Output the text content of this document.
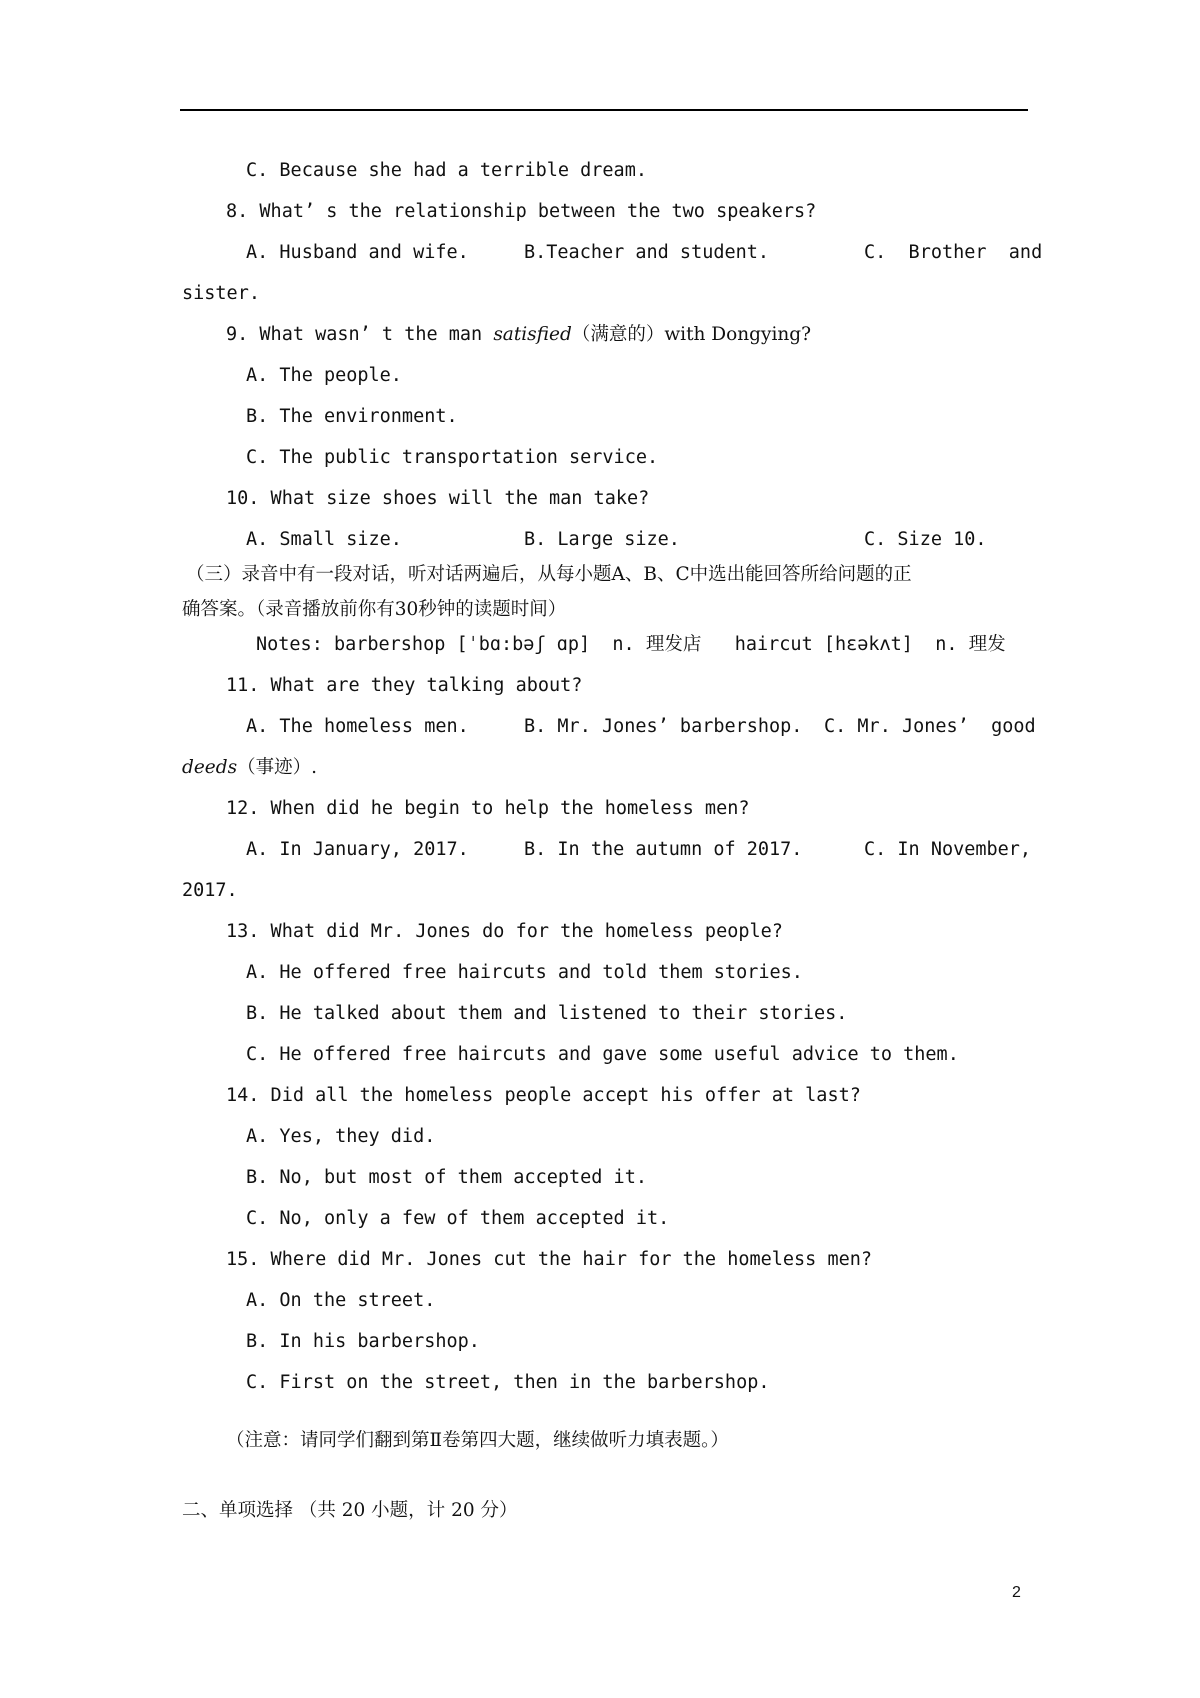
C. Because she had a terrible dream.
8. What’ s the relationship between the two speakers?
A. Husband and wife.	B.Teacher and student.	C.  Brother  and
sister.
9. What wasn’ t the man satisfied（满意的）with Dongying?
A. The people.
B. The environment.
C. The public transportation service.
10. What size shoes will the man take?
A. Small size.	B. Large size.	C. Size 10.
（三）录音中有一段对话，听对话两遍后，从每小题A、B、C中选出能回答所给问题的正
确答案。（录音播放前你有30秒钟的读题时间）
Notes: barbershop [ˈbɑ:bəʃ ɑp]  n. 理发店   haircut [hɛəkʌt]  n. 理发
11. What are they talking about?
A. The homeless men.	B. Mr. Jones’ barbershop. C. Mr. Jones’  good
deeds（事迹）.
12. When did he begin to help the homeless men?
A. In January, 2017.	B. In the autumn of 2017.	C. In November,
2017.
13. What did Mr. Jones do for the homeless people?
A. He offered free haircuts and told them stories.
B. He talked about them and listened to their stories.
C. He offered free haircuts and gave some useful advice to them.
14. Did all the homeless people accept his offer at last?
A. Yes, they did.
B. No, but most of them accepted it.
C. No, only a few of them accepted it.
15. Where did Mr. Jones cut the hair for the homeless men?
A. On the street.
B. In his barbershop.
C. First on the street, then in the barbershop.
（注意：请同学们翻到第Ⅱ卷第四大题，继续做听力填表题。）
二、单项选择 （共 20 小题，计 20 分）
2
